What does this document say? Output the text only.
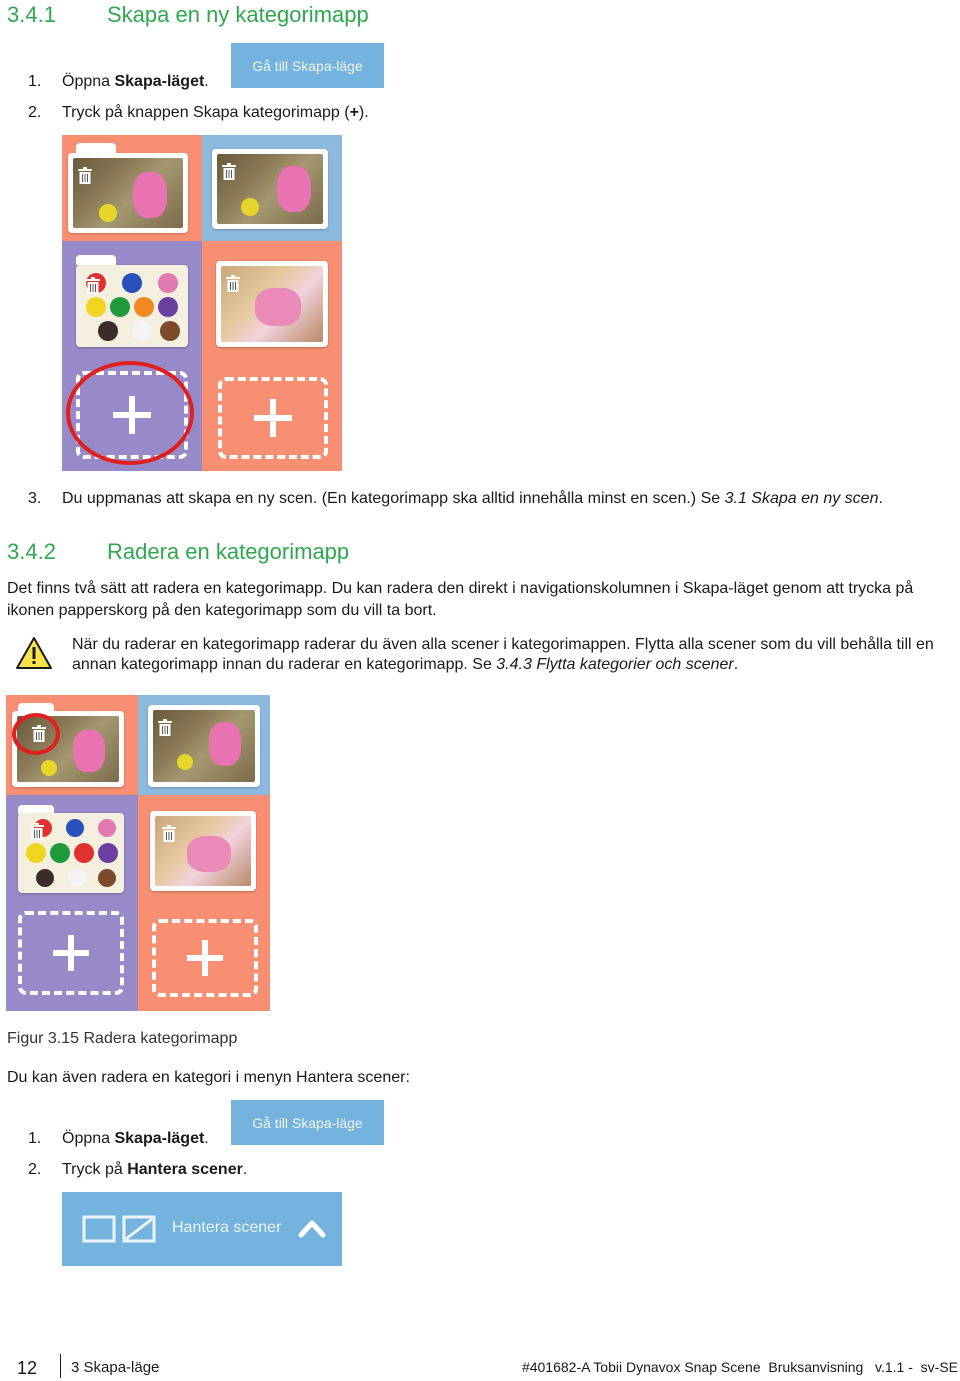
3.4.1 Skapa en ny kategorimapp
Gå till Skapa-läge
1. Öppna Skapa-läget.
2. Tryck på knappen Skapa kategorimapp (+).
3. Du uppmanas att skapa en ny scen. (En kategorimapp ska alltid innehålla minst en scen.) Se 3.1 Skapa en ny scen.
3.4.2 Radera en kategorimapp
Det finns två sätt att radera en kategorimapp. Du kan radera den direkt i navigationskolumnen i Skapa-läget genom att trycka på ikonen papperskorg på den kategorimapp som du vill ta bort.
När du raderar en kategorimapp raderar du även alla scener i kategorimappen. Flytta alla scener som du vill behålla till en annan kategorimapp innan du raderar en kategorimapp. Se 3.4.3 Flytta kategorier och scener.
Figur 3.15 Radera kategorimapp
Du kan även radera en kategori i menyn Hantera scener:
Gå till Skapa-läge
1. Öppna Skapa-läget.
2. Tryck på Hantera scener.
Hantera scener
12 3 Skapa-läge	#401682-A Tobii Dynavox Snap Scene  Bruksanvisning   v.1.1 -  sv-SE
